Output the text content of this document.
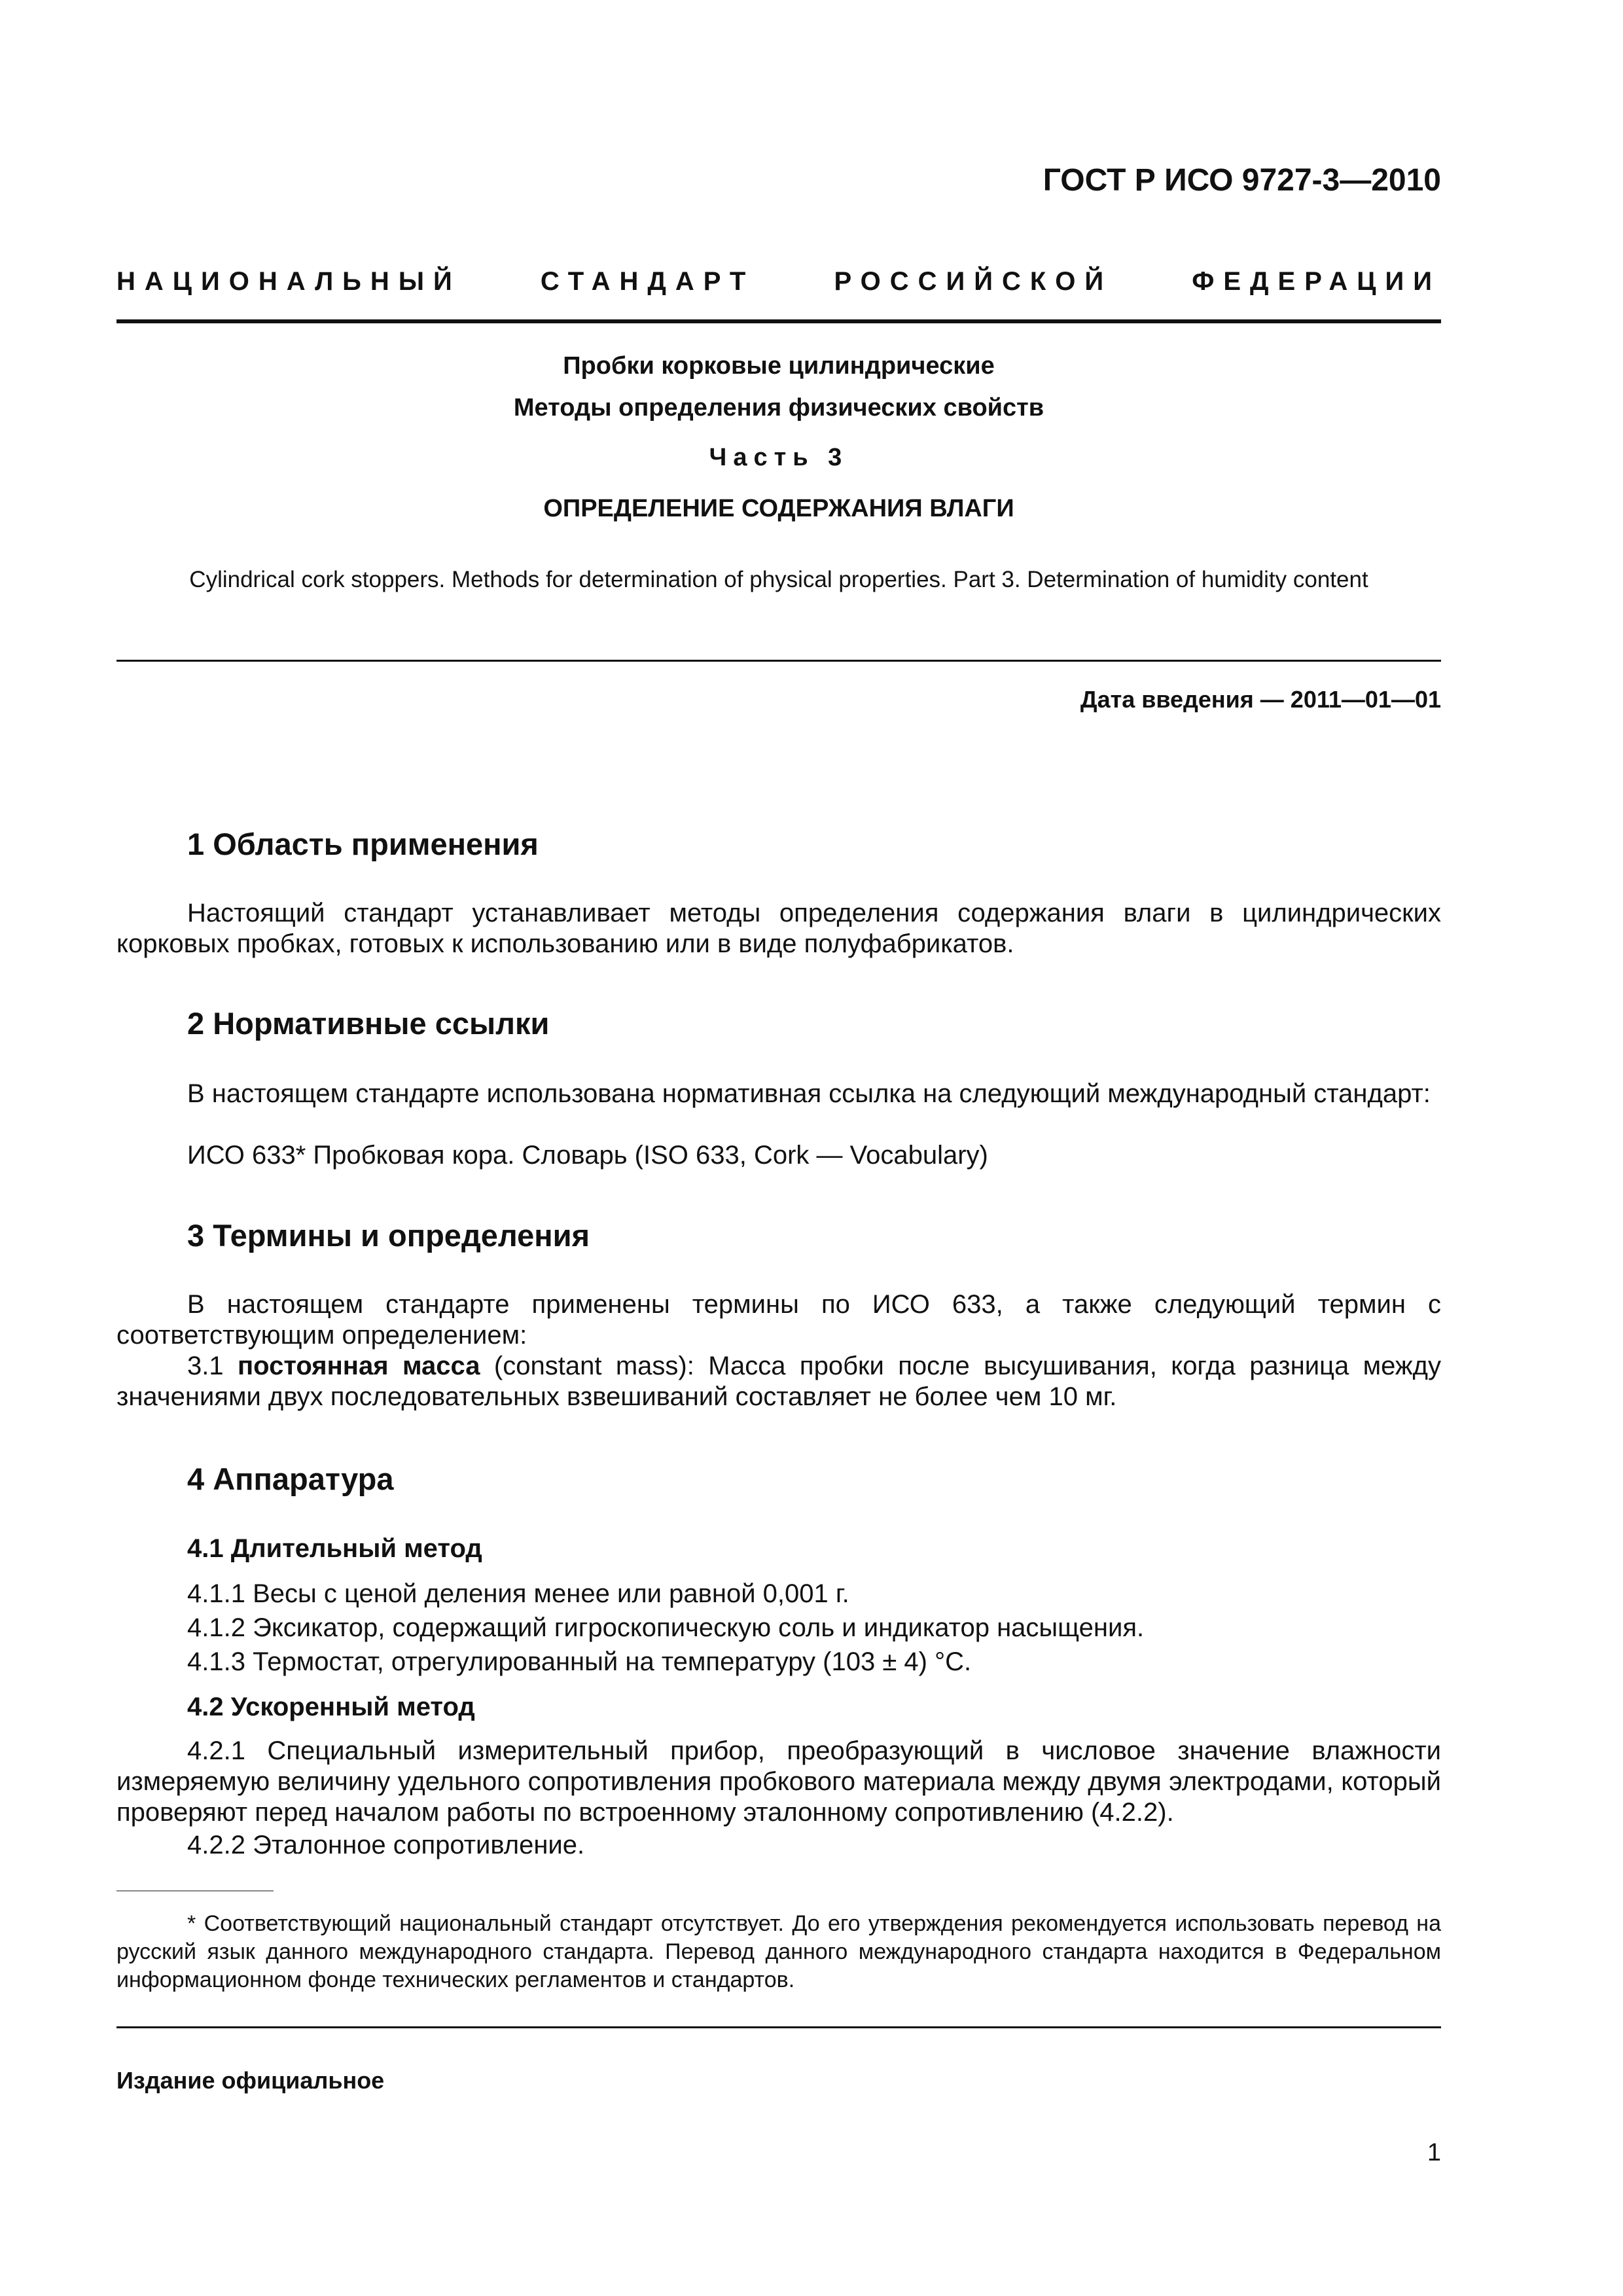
ГОСТ Р ИСО 9727-3—2010
НАЦИОНАЛЬНЫЙ	СТАНДАРТ	РОССИЙСКОЙ	ФЕДЕРАЦИИ
Пробки корковые цилиндрические
Методы определения физических свойств
Часть 3
ОПРЕДЕЛЕНИЕ СОДЕРЖАНИЯ ВЛАГИ
Cylindrical cork stoppers. Methods for determination of physical properties. Part 3. Determination of humidity content
Дата введения — 2011—01—01
1 Область применения
Настоящий стандарт устанавливает методы определения содержания влаги в цилиндрических корковых пробках, готовых к использованию или в виде полуфабрикатов.
2 Нормативные ссылки
В настоящем стандарте использована нормативная ссылка на следующий международный стандарт:
ИСО 633* Пробковая кора. Словарь (ISO 633, Cork — Vocabulary)
3 Термины и определения
В настоящем стандарте применены термины по ИСО 633, а также следующий термин с соответствующим определением:
3.1 постоянная масса (constant mass): Масса пробки после высушивания, когда разница между значениями двух последовательных взвешиваний составляет не более чем 10 мг.
4 Аппаратура
4.1 Длительный метод
4.1.1 Весы с ценой деления менее или равной 0,001 г.
4.1.2 Эксикатор, содержащий гигроскопическую соль и индикатор насыщения.
4.1.3 Термостат, отрегулированный на температуру (103 ± 4) °С.
4.2 Ускоренный метод
4.2.1 Специальный измерительный прибор, преобразующий в числовое значение влажности измеряемую величину удельного сопротивления пробкового материала между двумя электродами, который проверяют перед началом работы по встроенному эталонному сопротивлению (4.2.2).
4.2.2 Эталонное сопротивление.
* Соответствующий национальный стандарт отсутствует. До его утверждения рекомендуется использовать перевод на русский язык данного международного стандарта. Перевод данного международного стандарта находится в Федеральном информационном фонде технических регламентов и стандартов.
Издание официальное
1
